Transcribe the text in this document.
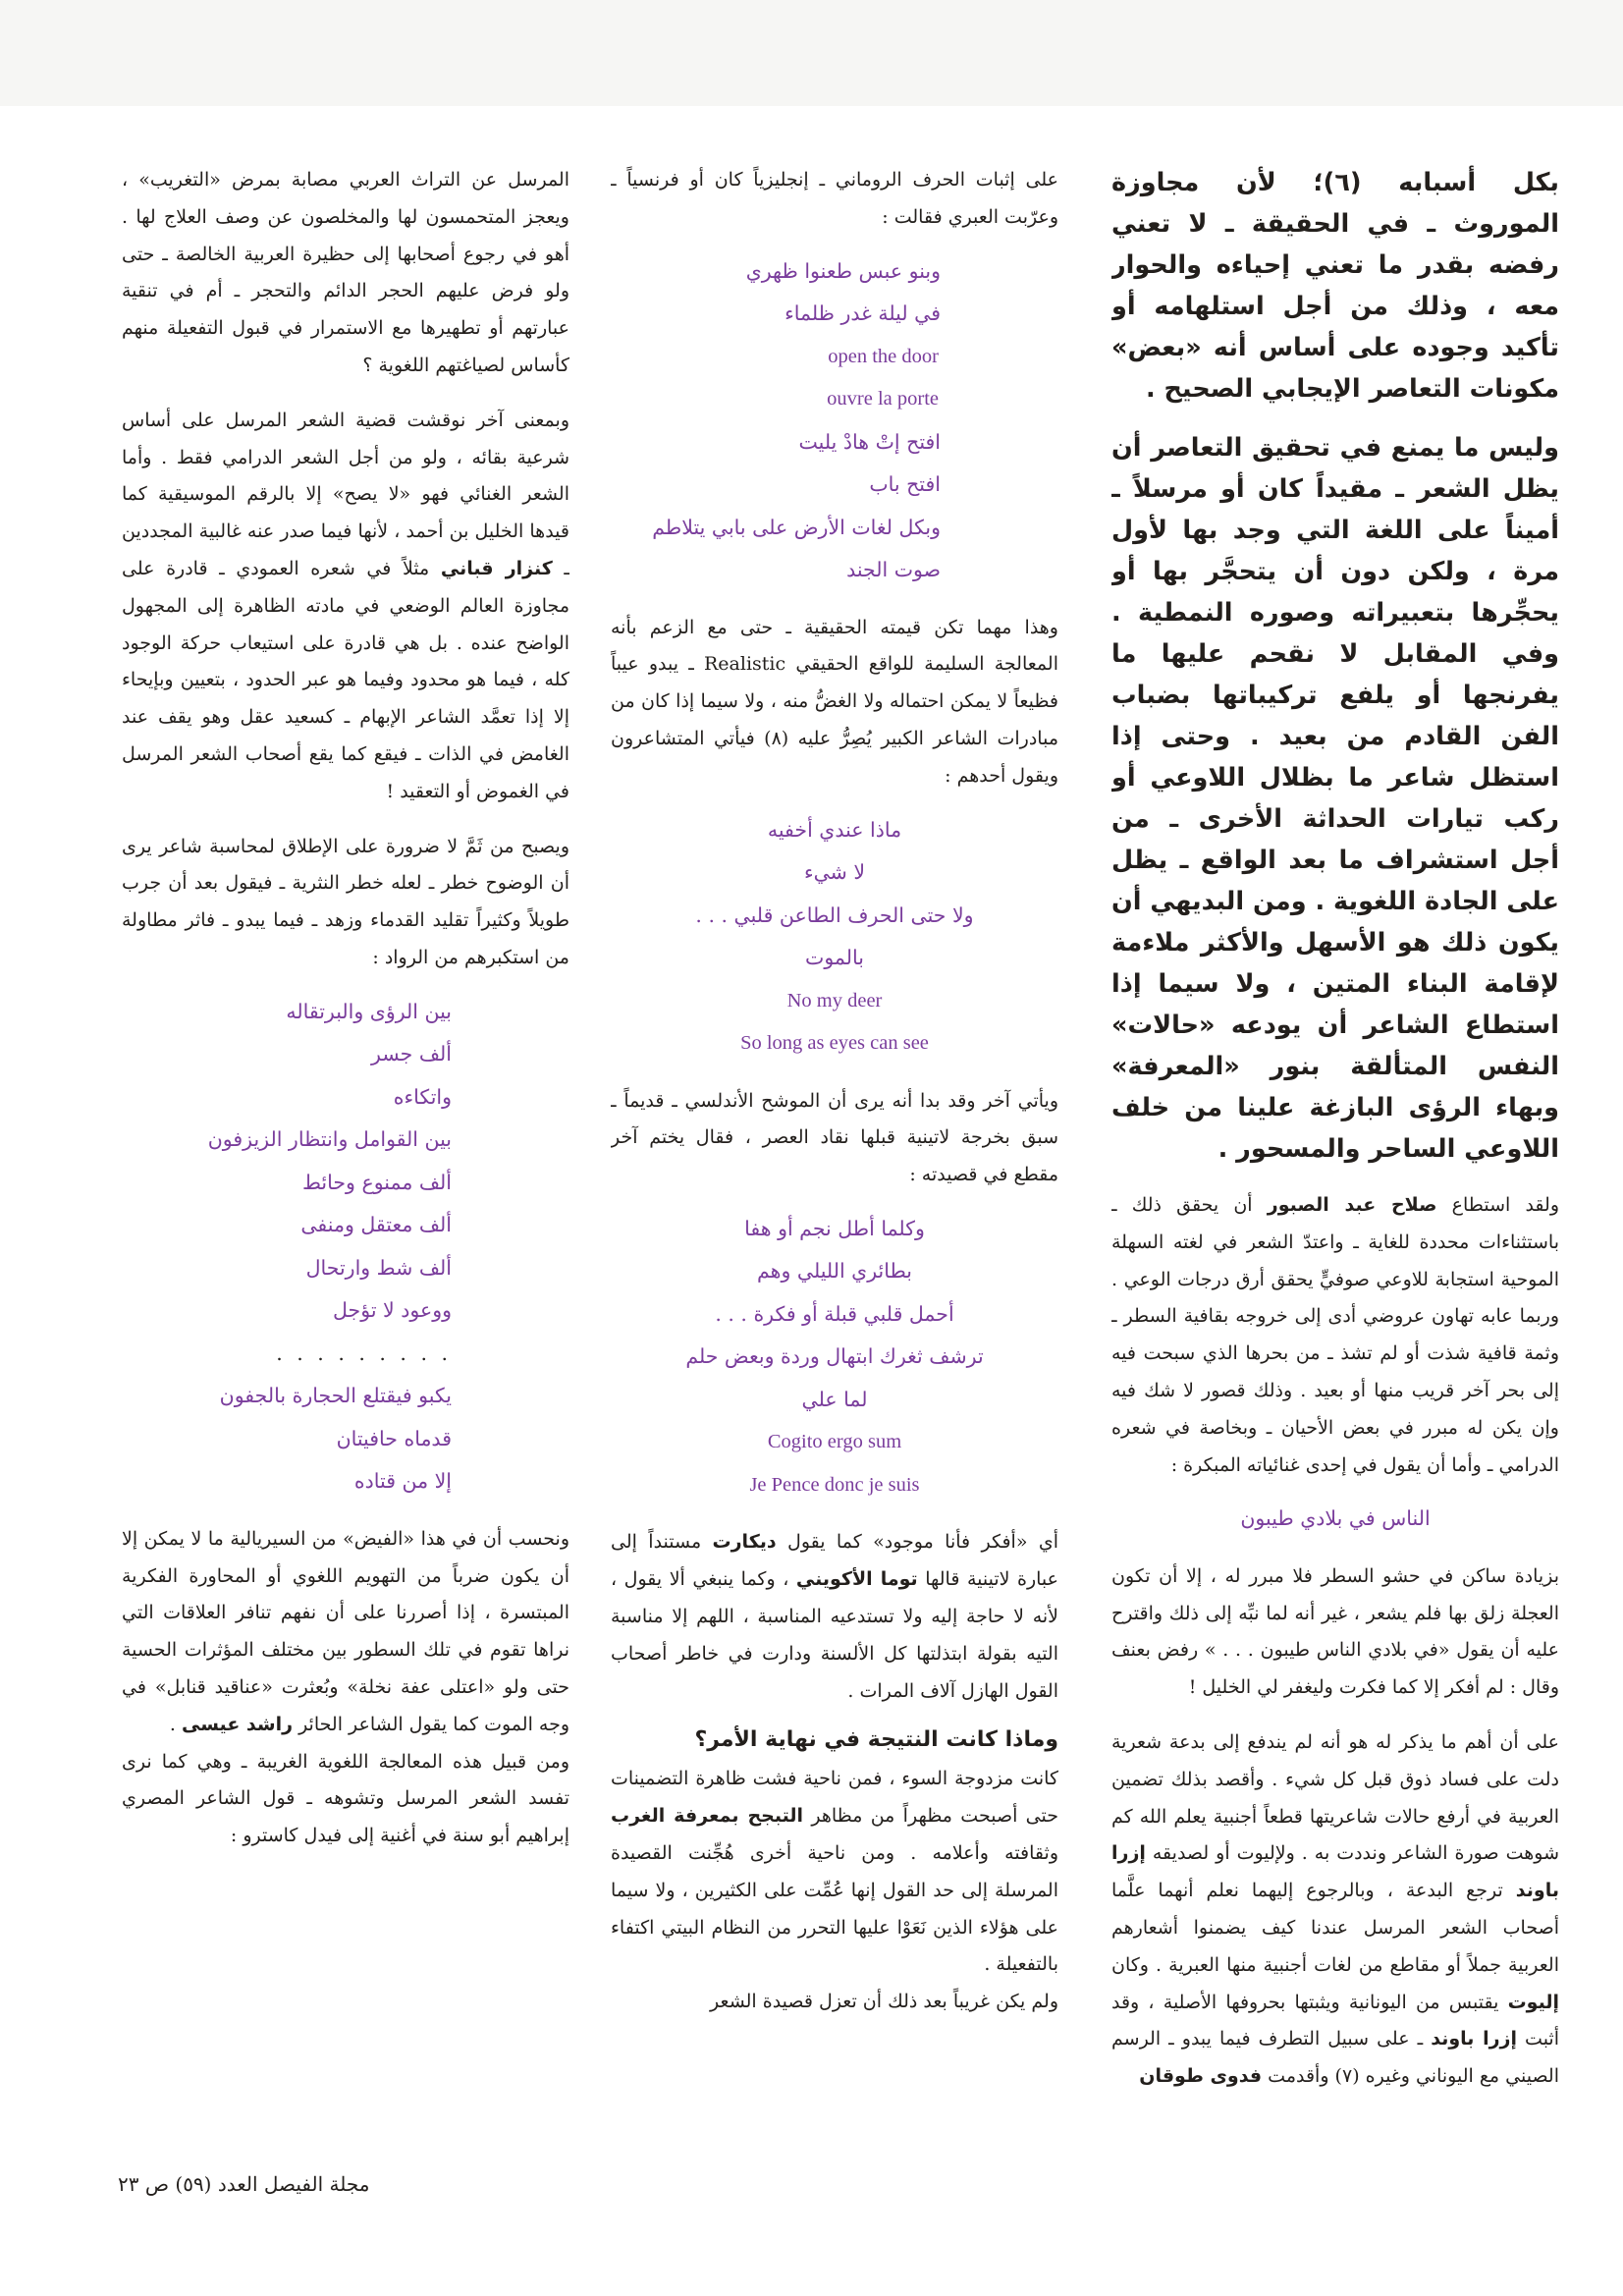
بكل أسبابه (٦)؛ لأن مجاوزة الموروث ـ في الحقيقة ـ لا تعني رفضه بقدر ما تعني إحياءه والحوار معه ، وذلك من أجل استلهامه أو تأكيد وجوده على أساس أنه «بعض» مكونات التعاصر الإيجابي الصحيح .

وليس ما يمنع في تحقيق التعاصر أن يظل الشعر ـ مقيداً كان أو مرسلاً ـ أميناً على اللغة التي وجد بها لأول مرة ، ولكن دون أن يتحجَّر بها أو يحجِّرها بتعبيراته وصوره النمطية . وفي المقابل لا نقحم عليها ما يفرنجها أو يلفع تركيباتها بضباب الفن القادم من بعيد . وحتى إذا استظل شاعر ما بظلال اللاوعي أو ركب تيارات الحداثة الأخرى ـ من أجل استشراف ما بعد الواقع ـ يظل على الجادة اللغوية . ومن البديهي أن يكون ذلك هو الأسهل والأكثر ملاءمة لإقامة البناء المتين ، ولا سيما إذا استطاع الشاعر أن يودعه «حالات» النفس المتألقة بنور «المعرفة» وبهاء الرؤى البازغة علينا من خلف اللاوعي الساحر والمسحور .

ولقد استطاع صلاح عبد الصبور أن يحقق ذلك ـ باستثناءات محددة للغاية ـ واعتدّ الشعر في لغته السهلة الموحية استجابة للاوعي صوفيٍّ يحقق أرق درجات الوعي . وربما عابه تهاون عروضي أدى إلى خروجه بقافية السطر ـ وثمة قافية شذت أو لم تشذ ـ من بحرها الذي سبحت فيه إلى بحر آخر قريب منها أو بعيد . وذلك قصور لا شك فيه وإن يكن له مبرر في بعض الأحيان ـ وبخاصة في شعره الدرامي ـ وأما أن يقول في إحدى غنائياته المبكرة :

الناس في بلادي طيبون

بزيادة ساكن في حشو السطر فلا مبرر له ، إلا أن تكون العجلة زلق بها فلم يشعر ، غير أنه لما نبِّه إلى ذلك واقترح عليه أن يقول «في بلادي الناس طيبون . . . » رفض بعنف وقال : لم أفكر إلا كما فكرت وليغفر لي الخليل !

على أن أهم ما يذكر له هو أنه لم يندفع إلى بدعة شعرية دلت على فساد ذوق قبل كل شيء . وأقصد بذلك تضمين العربية في أرفع حالات شاعريتها قطعاً أجنبية يعلم الله كم شوهت صورة الشاعر ونددت به . ولإليوت أو لصديقه إزرا باوند ترجع البدعة ، وبالرجوع إليهما نعلم أنهما علَّما أصحاب الشعر المرسل عندنا كيف يضمنوا أشعارهم العربية جملاً أو مقاطع من لغات أجنبية منها العبرية . وكان إليوت يقتبس من اليونانية ويثبتها بحروفها الأصلية ، وقد أثبت إزرا باوند ـ على سبيل التطرف فيما يبدو ـ الرسم الصيني مع اليوناني وغيره (٧) وأقدمت فدوى طوقان

على إثبات الحرف الروماني ـ إنجليزياً كان أو فرنسياً ـ وعرّبت العبري فقالت :

وبنو عبس طعنوا ظهري
في ليلة غدر ظلماء
open the door
ouvre la porte
افتح إتْ هادْ يليت
افتح باب
وبكل لغات الأرض على بابي يتلاطم
صوت الجند

وهذا مهما تكن قيمته الحقيقية ـ حتى مع الزعم بأنه المعالجة السليمة للواقع الحقيقي Realistic ـ يبدو عيباً فظيعاً لا يمكن احتماله ولا الغضُّ منه ، ولا سيما إذا كان من مبادرات الشاعر الكبير يُصِرُّ عليه (٨) فيأتي المتشاعرون ويقول أحدهم :

ماذا عندي أخفيه
لا شيء
ولا حتى الحرف الطاعن قلبي . . .
بالموت
No my deer
So long as eyes can see

ويأتي آخر وقد بدا أنه يرى أن الموشح الأندلسي ـ قديماً ـ سبق بخرجة لاتينية قبلها نقاد العصر ، فقال يختم آخر مقطع في قصيدته :

وكلما أطل نجم أو هفا
بطائري الليلي وهم
أحمل قلبي قبلة أو فكرة . . .
ترشف ثغرك ابتهال وردة وبعض حلم
لما علي
Cogito ergo sum
Je Pence donc je suis

أي «أفكر فأنا موجود» كما يقول ديكارت مستنداً إلى عبارة لاتينية قالها توما الأكويني ، وكما ينبغي ألا يقول ، لأنه لا حاجة إليه ولا تستدعيه المناسبة ، اللهم إلا مناسبة التيه بقولة ابتذلتها كل الألسنة ودارت في خاطر أصحاب القول الهازل آلاف المرات .

وماذا كانت النتيجة في نهاية الأمر؟

كانت مزدوجة السوء ، فمن ناحية فشت ظاهرة التضمينات حتى أصبحت مظهراً من مظاهر التبجح بمعرفة الغرب وثقافته وأعلامه . ومن ناحية أخرى هُجِّنت القصيدة المرسلة إلى حد القول إنها عُمِّت على الكثيرين ، ولا سيما على هؤلاء الذين نَعَوْا عليها التحرر من النظام البيتي اكتفاء بالتفعيلة .

ولم يكن غريباً بعد ذلك أن تعزل قصيدة الشعر

المرسل عن التراث العربي مصابة بمرض «التغريب» ، ويعجز المتحمسون لها والمخلصون عن وصف العلاج لها . أهو في رجوع أصحابها إلى حظيرة العربية الخالصة ـ حتى ولو فرض عليهم الحجر الدائم والتحجر ـ أم في تنقية عبارتهم أو تطهيرها مع الاستمرار في قبول التفعيلة منهم كأساس لصياغتهم اللغوية ؟

وبمعنى آخر نوقشت قضية الشعر المرسل على أساس شرعية بقائه ، ولو من أجل الشعر الدرامي فقط . وأما الشعر الغنائي فهو «لا يصح» إلا بالرقم الموسيقية كما قيدها الخليل بن أحمد ، لأنها فيما صدر عنه غالبية المجددين ـ كنزار قباني مثلاً في شعره العمودي ـ قادرة على مجاوزة العالم الوضعي في مادته الظاهرة إلى المجهول الواضح عنده . بل هي قادرة على استيعاب حركة الوجود كله ، فيما هو محدود وفيما هو عبر الحدود ، بتعيين وبإيحاء إلا إذا تعمَّد الشاعر الإبهام ـ كسعيد عقل وهو يقف عند الغامض في الذات ـ فيقع كما يقع أصحاب الشعر المرسل في الغموض أو التعقيد !

ويصبح من ثَمَّ لا ضرورة على الإطلاق لمحاسبة شاعر يرى أن الوضوح خطر ـ لعله خطر النثرية ـ فيقول بعد أن جرب طويلاً وكثيراً تقليد القدماء وزهد ـ فيما يبدو ـ فاثر مطاولة من استكبرهم من الرواد :

بين الرؤى والبرتقاله
ألف جسر
واتكاءه
بين القوامل وانتظار الزيزفون
ألف ممنوع وحائط
ألف معتقل ومنفى
ألف شط وارتحال
ووعود لا تؤجل
. . . . . . . . .
يكبو فيقتلع الحجارة بالجفون
قدماه حافيتان
إلا من قتاده

ونحسب أن في هذا «الفيض» من السيريالية ما لا يمكن إلا أن يكون ضرباً من التهويم اللغوي أو المحاورة الفكرية المبتسرة ، إذا أصررنا على أن نفهم تنافر العلاقات التي نراها تقوم في تلك السطور بين مختلف المؤثرات الحسية حتى ولو «اعتلى عفة نخلة» وبُعثرت «عناقيد قنابل» في وجه الموت كما يقول الشاعر الحائر راشد عيسى .

ومن قبيل هذه المعالجة اللغوية الغريبة ـ وهي كما نرى تفسد الشعر المرسل وتشوهه ـ قول الشاعر المصري إبراهيم أبو سنة في أغنية إلى فيدل كاسترو :

مجلة الفيصل العدد (٥٩) ص ٢٣
